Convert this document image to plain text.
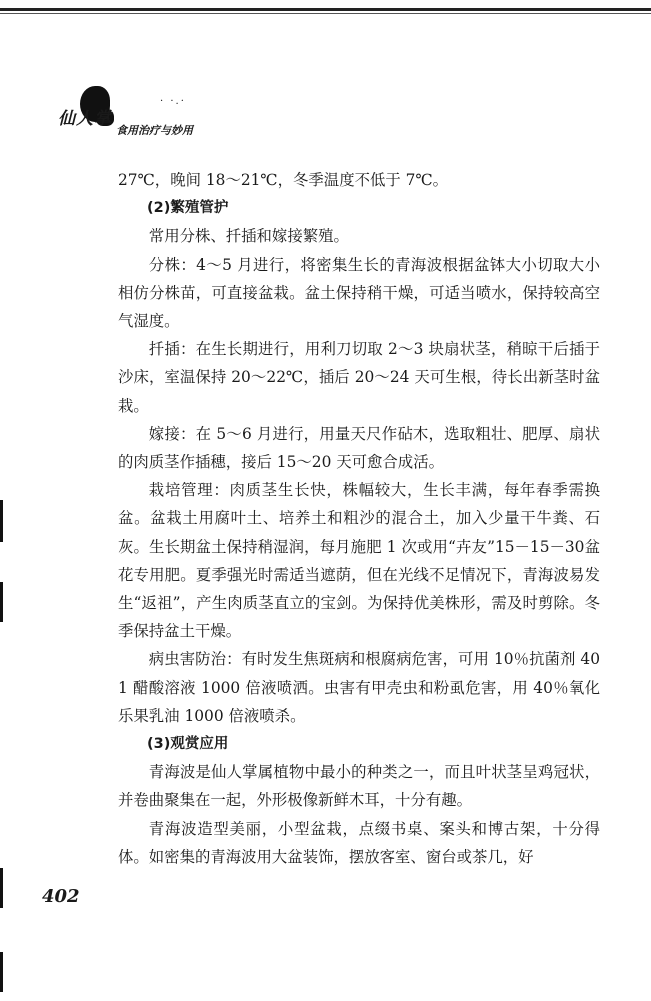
· ·.·
仙人掌
食用治疗与妙用

27℃，晚间 18～21℃，冬季温度不低于 7℃。

(2)繁殖管护

常用分株、扦插和嫁接繁殖。

分株：4～5 月进行，将密集生长的青海波根据盆钵大小切取大小相仿分株苗，可直接盆栽。盆土保持稍干燥，可适当喷水，保持较高空气湿度。

扦插：在生长期进行，用利刀切取 2～3 块扇状茎，稍晾干后插于沙床，室温保持 20～22℃，插后 20～24 天可生根，待长出新茎时盆栽。

嫁接：在 5～6 月进行，用量天尺作砧木，选取粗壮、肥厚、扇状的肉质茎作插穗，接后 15～20 天可愈合成活。

栽培管理：肉质茎生长快，株幅较大，生长丰满，每年春季需换盆。盆栽土用腐叶土、培养土和粗沙的混合土，加入少量干牛粪、石灰。生长期盆土保持稍湿润，每月施肥 1 次或用“卉友”15－15－30盆花专用肥。夏季强光时需适当遮荫，但在光线不足情况下，青海波易发生“返祖”，产生肉质茎直立的宝剑。为保持优美株形，需及时剪除。冬季保持盆土干燥。

病虫害防治：有时发生焦斑病和根腐病危害，可用 10％抗菌剂 401 醋酸溶液 1000 倍液喷洒。虫害有甲壳虫和粉虱危害，用 40％氧化乐果乳油 1000 倍液喷杀。

(3)观赏应用

青海波是仙人掌属植物中最小的种类之一，而且叶状茎呈鸡冠状，并卷曲聚集在一起，外形极像新鲜木耳，十分有趣。

青海波造型美丽，小型盆栽，点缀书桌、案头和博古架，十分得体。如密集的青海波用大盆装饰，摆放客室、窗台或茶几，好

402
